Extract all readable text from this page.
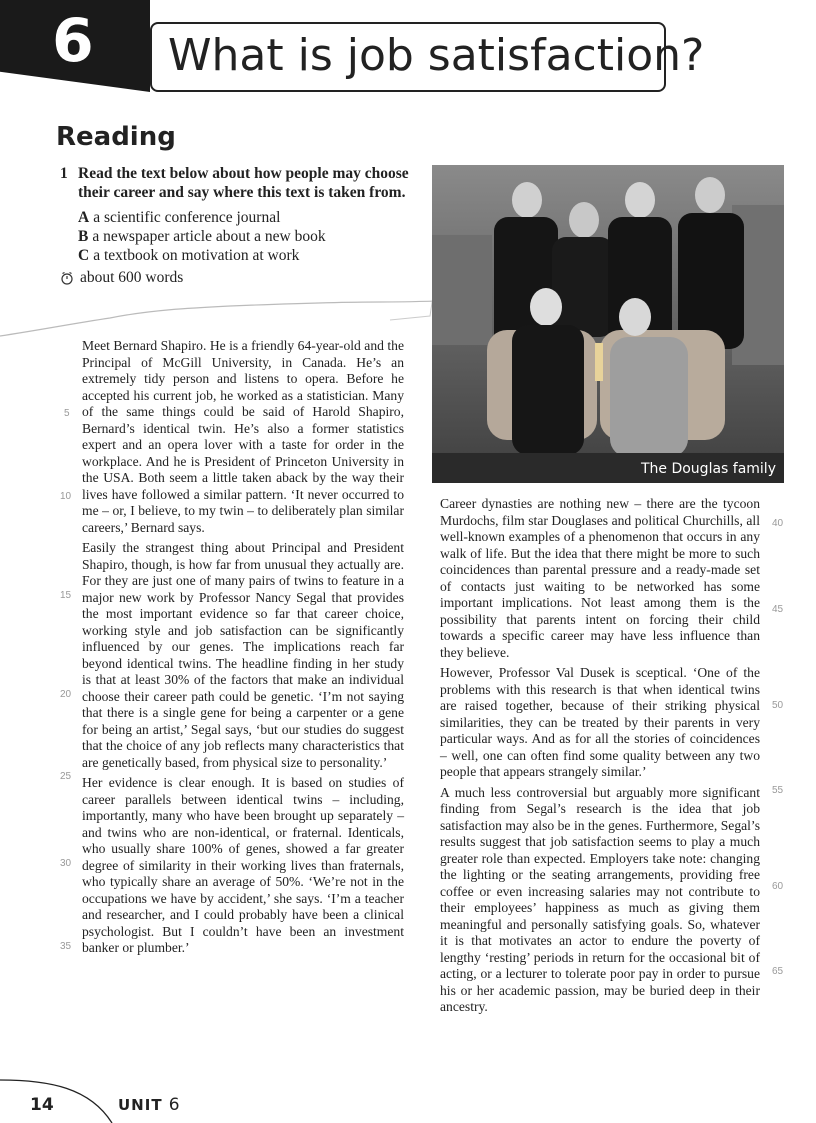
6 What is job satisfaction?
Reading
1 Read the text below about how people may choose their career and say where this text is taken from.
A a scientific conference journal
B a newspaper article about a new book
C a textbook on motivation at work
about 600 words

Meet Bernard Shapiro. He is a friendly 64-year-old and the Principal of McGill University, in Canada. He’s an extremely tidy person and listens to opera. Before he accepted his current job, he worked as a statistician. Many of the same things could be said of Harold Shapiro, Bernard’s identical twin. He’s also a former statistics expert and an opera lover with a taste for order in the workplace. And he is President of Princeton University in the USA. Both seem a little taken aback by the way their lives have followed a similar pattern. ‘It never occurred to me – or, I believe, to my twin – to deliberately plan similar careers,’ Bernard says.

Easily the strangest thing about Principal and President Shapiro, though, is how far from unusual they actually are. For they are just one of many pairs of twins to feature in a major new work by Professor Nancy Segal that provides the most important evidence so far that career choice, working style and job satisfaction can be significantly influenced by our genes. The implications reach far beyond identical twins. The headline finding in her study is that at least 30% of the factors that make an individual choose their career path could be genetic. ‘I’m not saying that there is a single gene for being a carpenter or a gene for being an artist,’ Segal says, ‘but our studies do suggest that the choice of any job reflects many characteristics that are genetically based, from physical size to personality.’

Her evidence is clear enough. It is based on studies of career parallels between identical twins – including, importantly, many who have been brought up separately – and twins who are non-identical, or fraternal. Identicals, who usually share 100% of genes, showed a far greater degree of similarity in their working lives than fraternals, who typically share an average of 50%. ‘We’re not in the occupations we have by accident,’ she says. ‘I’m a teacher and researcher, and I could probably have been a clinical psychologist. But I couldn’t have been an investment banker or plumber.’

5
10
15
20
25
30
35
The Douglas family

Career dynasties are nothing new – there are the tycoon Murdochs, film star Douglases and political Churchills, all well-known examples of a phenomenon that occurs in any walk of life. But the idea that there might be more to such coincidences than parental pressure and a ready-made set of contacts just waiting to be networked has some important implications. Not least among them is the possibility that parents intent on forcing their child towards a specific career may have less influence than they believe.

However, Professor Val Dusek is sceptical. ‘One of the problems with this research is that when identical twins are raised together, because of their striking physical similarities, they can be treated by their parents in very particular ways. And as for all the stories of coincidences – well, one can often find some quality between any two people that appears strangely similar.’

A much less controversial but arguably more significant finding from Segal’s research is the idea that job satisfaction may also be in the genes. Furthermore, Segal’s results suggest that job satisfaction seems to play a much greater role than expected. Employers take note: changing the lighting or the seating arrangements, providing free coffee or even increasing salaries may not contribute to their employees’ happiness as much as giving them meaningful and personally satisfying goals. So, whatever it is that motivates an actor to endure the poverty of lengthy ‘resting’ periods in return for the occasional bit of acting, or a lecturer to tolerate poor pay in order to pursue his or her academic passion, may be buried deep in their ancestry.

40
45
50
55
60
65
14	UNIT 6
